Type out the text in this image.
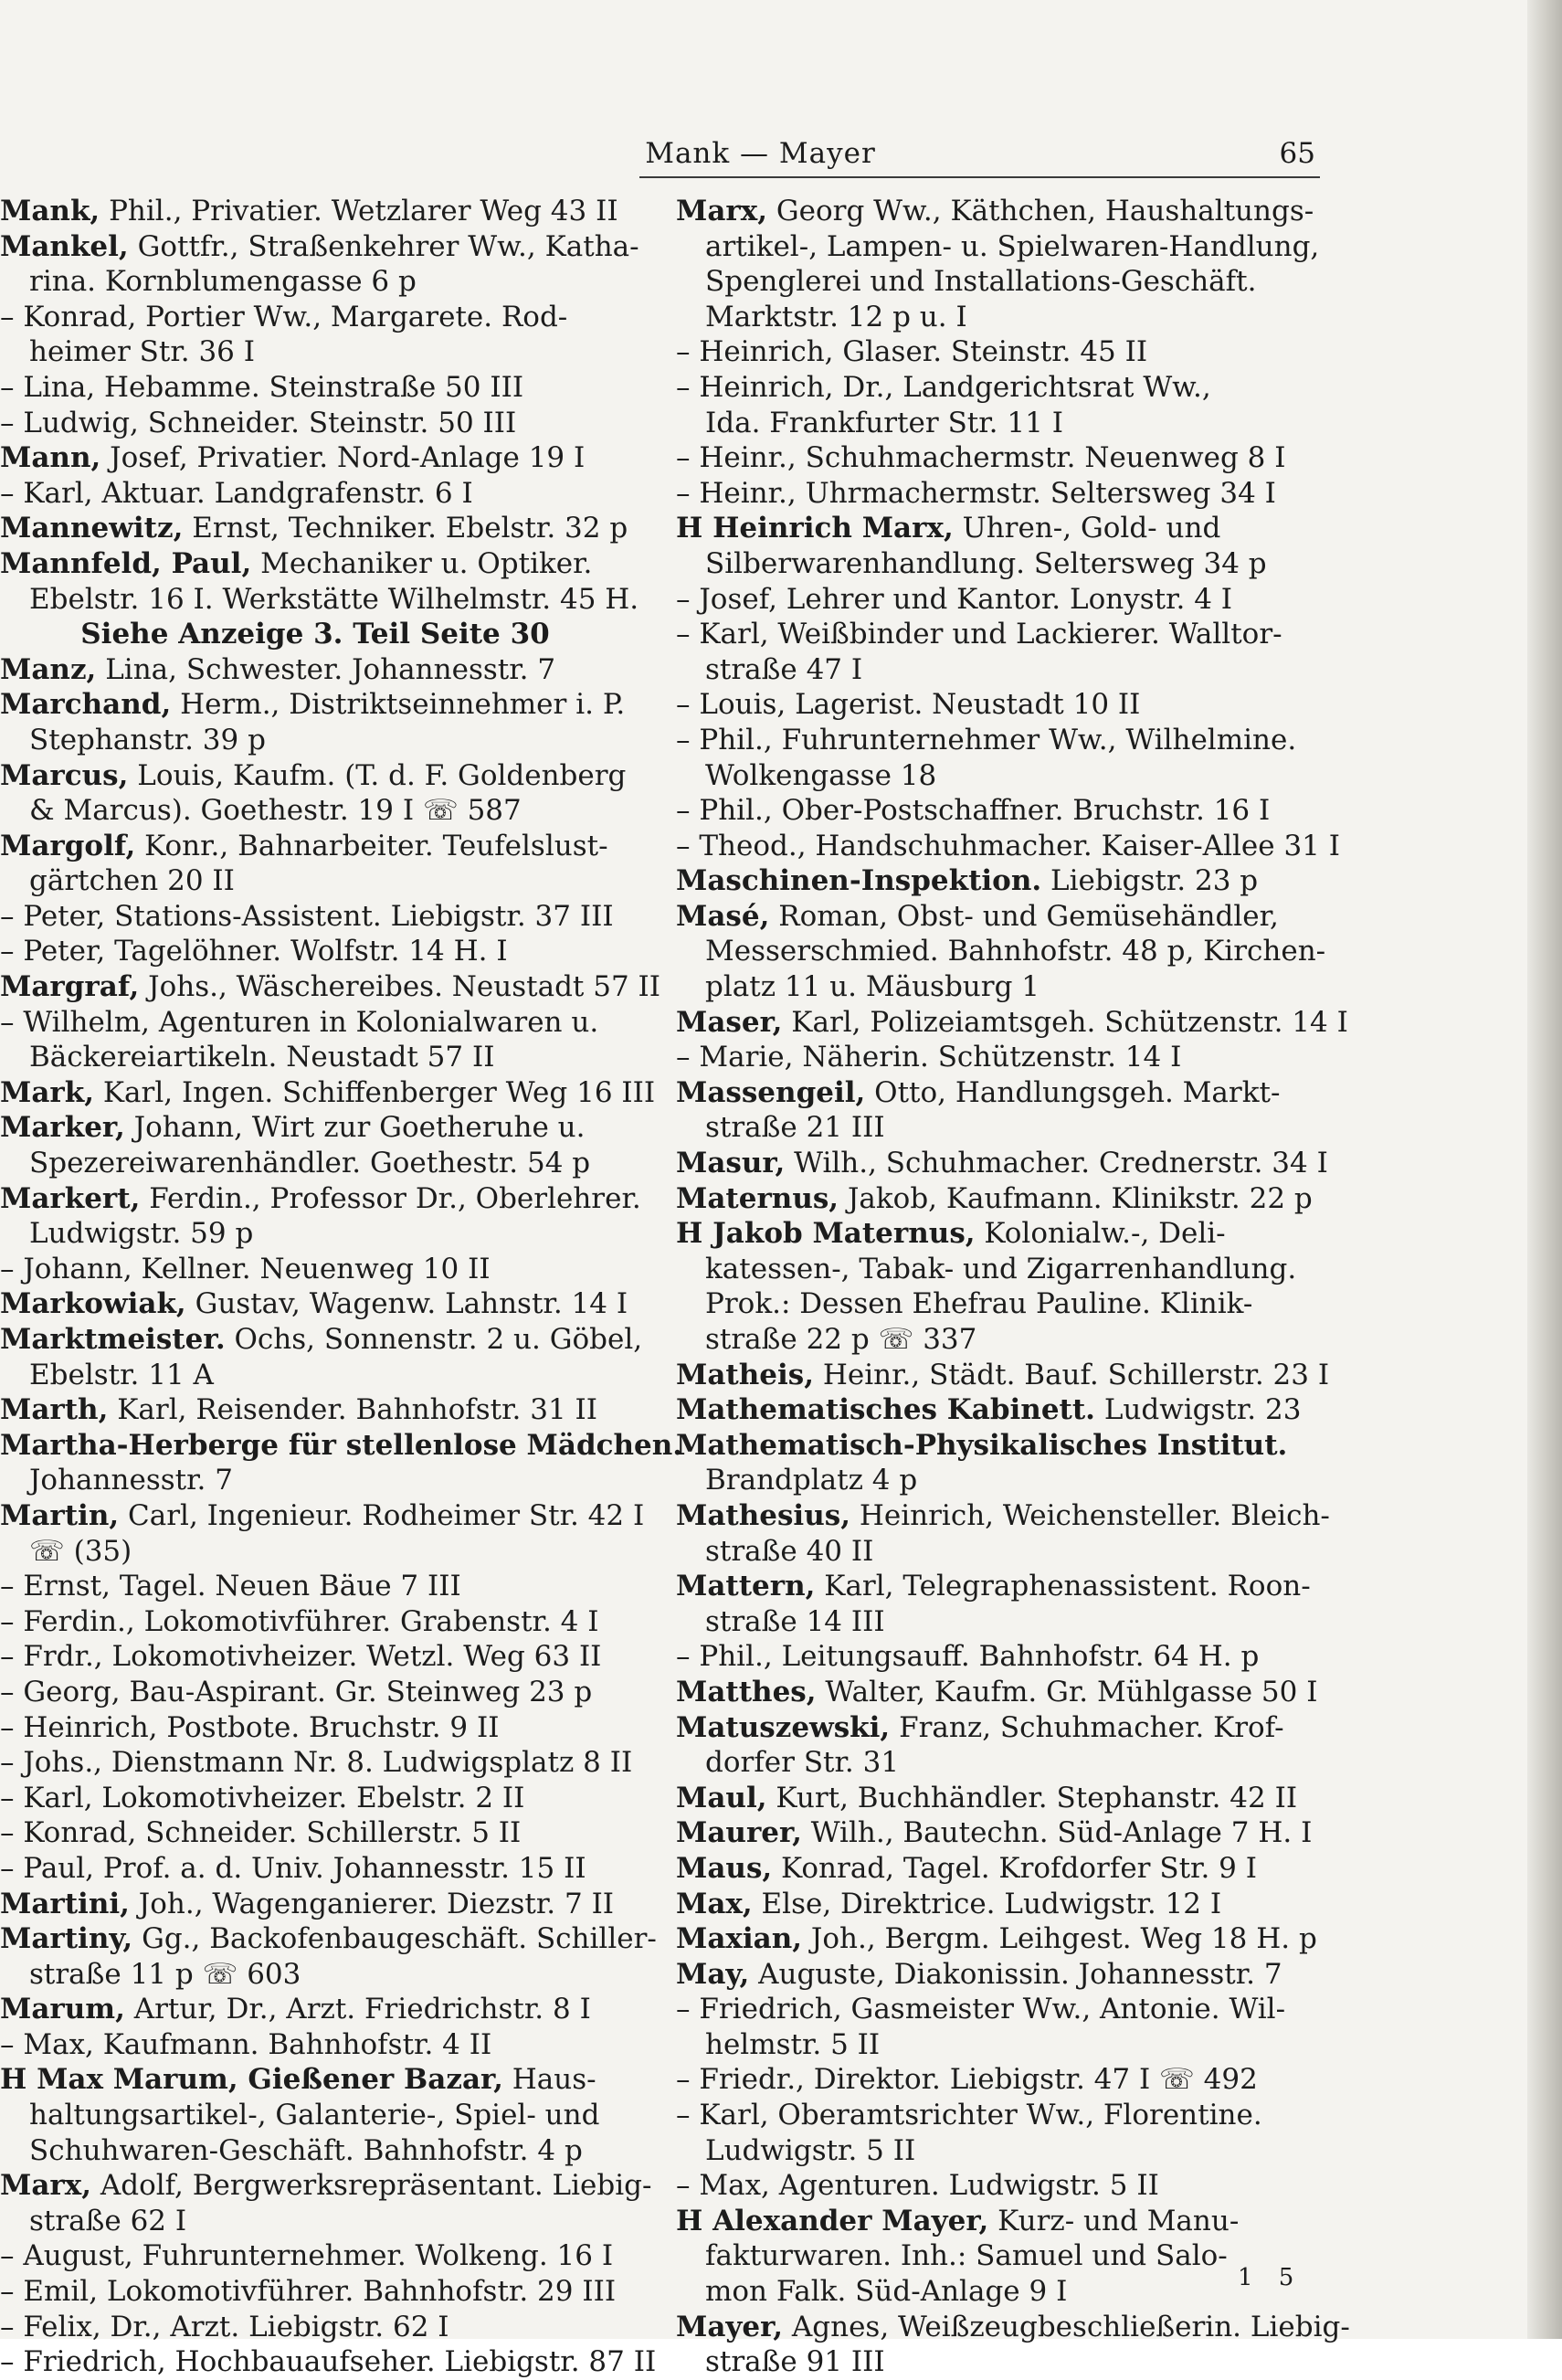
Mank — Mayer	65
Mank, Phil., Privatier. Wetzlarer Weg 43 II
Mankel, Gottfr., Straßenkehrer Ww., Katha-
rina. Kornblumengasse 6 p
– Konrad, Portier Ww., Margarete. Rod-
heimer Str. 36 I
– Lina, Hebamme. Steinstraße 50 III
– Ludwig, Schneider. Steinstr. 50 III
Mann, Josef, Privatier. Nord-Anlage 19 I
– Karl, Aktuar. Landgrafenstr. 6 I
Mannewitz, Ernst, Techniker. Ebelstr. 32 p
Mannfeld, Paul, Mechaniker u. Optiker.
Ebelstr. 16 I. Werkstätte Wilhelmstr. 45 H.
Siehe Anzeige 3. Teil Seite 30
Manz, Lina, Schwester. Johannesstr. 7
Marchand, Herm., Distriktseinnehmer i. P.
Stephanstr. 39 p
Marcus, Louis, Kaufm. (T. d. F. Goldenberg
& Marcus). Goethestr. 19 I ☏ 587
Margolf, Konr., Bahnarbeiter. Teufelslust-
gärtchen 20 II
– Peter, Stations-Assistent. Liebigstr. 37 III
– Peter, Tagelöhner. Wolfstr. 14 H. I
Margraf, Johs., Wäschereibes. Neustadt 57 II
– Wilhelm, Agenturen in Kolonialwaren u.
Bäckereiartikeln. Neustadt 57 II
Mark, Karl, Ingen. Schiffenberger Weg 16 III
Marker, Johann, Wirt zur Goetheruhe u.
Spezereiwarenhändler. Goethestr. 54 p
Markert, Ferdin., Professor Dr., Oberlehrer.
Ludwigstr. 59 p
– Johann, Kellner. Neuenweg 10 II
Markowiak, Gustav, Wagenw. Lahnstr. 14 I
Marktmeister. Ochs, Sonnenstr. 2 u. Göbel,
Ebelstr. 11 A
Marth, Karl, Reisender. Bahnhofstr. 31 II
Martha-Herberge für stellenlose Mädchen.
Johannesstr. 7
Martin, Carl, Ingenieur. Rodheimer Str. 42 I
☏ (35)
– Ernst, Tagel. Neuen Bäue 7 III
– Ferdin., Lokomotivführer. Grabenstr. 4 I
– Frdr., Lokomotivheizer. Wetzl. Weg 63 II
– Georg, Bau-Aspirant. Gr. Steinweg 23 p
– Heinrich, Postbote. Bruchstr. 9 II
– Johs., Dienstmann Nr. 8. Ludwigsplatz 8 II
– Karl, Lokomotivheizer. Ebelstr. 2 II
– Konrad, Schneider. Schillerstr. 5 II
– Paul, Prof. a. d. Univ. Johannesstr. 15 II
Martini, Joh., Wagenganierer. Diezstr. 7 II
Martiny, Gg., Backofenbaugeschäft. Schiller-
straße 11 p ☏ 603
Marum, Artur, Dr., Arzt. Friedrichstr. 8 I
– Max, Kaufmann. Bahnhofstr. 4 II
H Max Marum, Gießener Bazar, Haus-
haltungsartikel-, Galanterie-, Spiel- und
Schuhwaren-Geschäft. Bahnhofstr. 4 p
Marx, Adolf, Bergwerksrepräsentant. Liebig-
straße 62 I
– August, Fuhrunternehmer. Wolkeng. 16 I
– Emil, Lokomotivführer. Bahnhofstr. 29 III
– Felix, Dr., Arzt. Liebigstr. 62 I
– Friedrich, Hochbauaufseher. Liebigstr. 87 II
Marx, Georg Ww., Käthchen, Haushaltungs-
artikel-, Lampen- u. Spielwaren-Handlung,
Spenglerei und Installations-Geschäft.
Marktstr. 12 p u. I
– Heinrich, Glaser. Steinstr. 45 II
– Heinrich, Dr., Landgerichtsrat Ww.,
Ida. Frankfurter Str. 11 I
– Heinr., Schuhmachermstr. Neuenweg 8 I
– Heinr., Uhrmachermstr. Seltersweg 34 I
H Heinrich Marx, Uhren-, Gold- und
Silberwarenhandlung. Seltersweg 34 p
– Josef, Lehrer und Kantor. Lonystr. 4 I
– Karl, Weißbinder und Lackierer. Walltor-
straße 47 I
– Louis, Lagerist. Neustadt 10 II
– Phil., Fuhrunternehmer Ww., Wilhelmine.
Wolkengasse 18
– Phil., Ober-Postschaffner. Bruchstr. 16 I
– Theod., Handschuhmacher. Kaiser-Allee 31 I
Maschinen-Inspektion. Liebigstr. 23 p
Masé, Roman, Obst- und Gemüsehändler,
Messerschmied. Bahnhofstr. 48 p, Kirchen-
platz 11 u. Mäusburg 1
Maser, Karl, Polizeiamtsgeh. Schützenstr. 14 I
– Marie, Näherin. Schützenstr. 14 I
Massengeil, Otto, Handlungsgeh. Markt-
straße 21 III
Masur, Wilh., Schuhmacher. Crednerstr. 34 I
Maternus, Jakob, Kaufmann. Klinikstr. 22 p
H Jakob Maternus, Kolonialw.-, Deli-
katessen-, Tabak- und Zigarrenhandlung.
Prok.: Dessen Ehefrau Pauline. Klinik-
straße 22 p ☏ 337
Matheis, Heinr., Städt. Bauf. Schillerstr. 23 I
Mathematisches Kabinett. Ludwigstr. 23
Mathematisch-Physikalisches Institut.
Brandplatz 4 p
Mathesius, Heinrich, Weichensteller. Bleich-
straße 40 II
Mattern, Karl, Telegraphenassistent. Roon-
straße 14 III
– Phil., Leitungsauff. Bahnhofstr. 64 H. p
Matthes, Walter, Kaufm. Gr. Mühlgasse 50 I
Matuszewski, Franz, Schuhmacher. Krof-
dorfer Str. 31
Maul, Kurt, Buchhändler. Stephanstr. 42 II
Maurer, Wilh., Bautechn. Süd-Anlage 7 H. I
Maus, Konrad, Tagel. Krofdorfer Str. 9 I
Max, Else, Direktrice. Ludwigstr. 12 I
Maxian, Joh., Bergm. Leihgest. Weg 18 H. p
May, Auguste, Diakonissin. Johannesstr. 7
– Friedrich, Gasmeister Ww., Antonie. Wil-
helmstr. 5 II
– Friedr., Direktor. Liebigstr. 47 I ☏ 492
– Karl, Oberamtsrichter Ww., Florentine.
Ludwigstr. 5 II
– Max, Agenturen. Ludwigstr. 5 II
H Alexander Mayer, Kurz- und Manu-
fakturwaren. Inh.: Samuel und Salo-
mon Falk. Süd-Anlage 9 I
Mayer, Agnes, Weißzeugbeschließerin. Liebig-
straße 91 III
1 5
